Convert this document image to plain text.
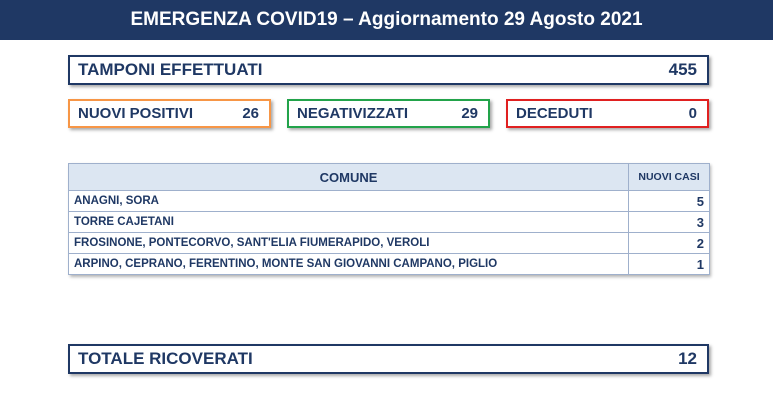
EMERGENZA COVID19 – Aggiornamento 29 Agosto 2021
TAMPONI EFFETTUATI	455
NUOVI POSITIVI	26	NEGATIVIZZATI	29	DECEDUTI	0
COMUNE	NUOVI CASI
ANAGNI, SORA	5
TORRE CAJETANI	3
FROSINONE, PONTECORVO, SANT'ELIA FIUMERAPIDO, VEROLI	2
ARPINO, CEPRANO, FERENTINO, MONTE SAN GIOVANNI CAMPANO, PIGLIO	1
TOTALE RICOVERATI	12
